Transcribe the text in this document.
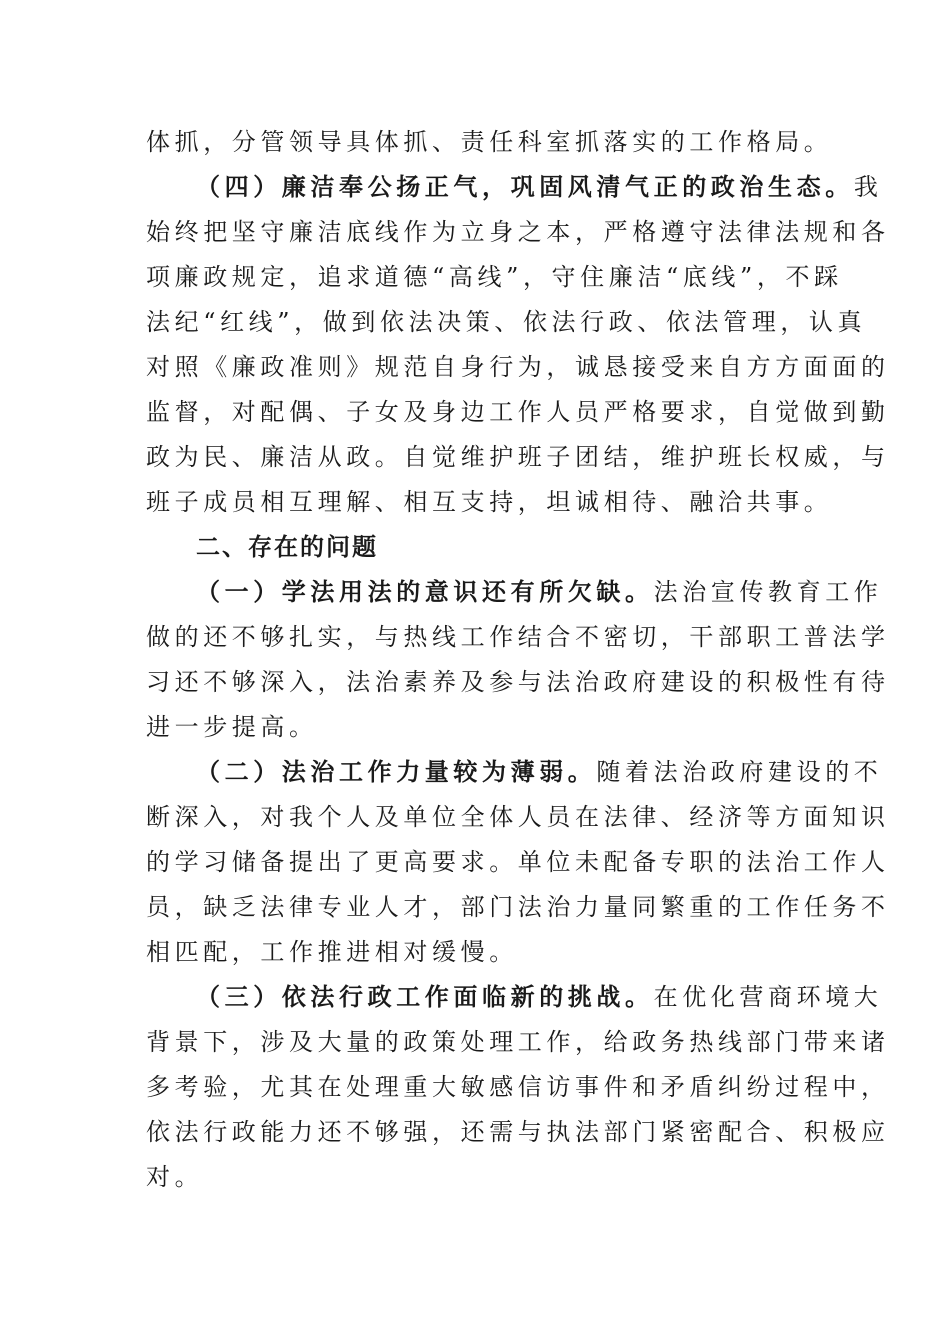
体抓，分管领导具体抓、责任科室抓落实的工作格局。
（四）廉洁奉公扬正气，巩固风清气正的政治生态。我
始终把坚守廉洁底线作为立身之本，严格遵守法律法规和各
项廉政规定，追求道德“高线”，守住廉洁“底线”，不踩
法纪“红线”，做到依法决策、依法行政、依法管理，认真
对照《廉政准则》规范自身行为，诚恳接受来自方方面面的
监督，对配偶、子女及身边工作人员严格要求，自觉做到勤
政为民、廉洁从政。自觉维护班子团结，维护班长权威，与
班子成员相互理解、相互支持，坦诚相待、融洽共事。
二、存在的问题
（一）学法用法的意识还有所欠缺。法治宣传教育工作
做的还不够扎实，与热线工作结合不密切，干部职工普法学
习还不够深入，法治素养及参与法治政府建设的积极性有待
进一步提高。
（二）法治工作力量较为薄弱。随着法治政府建设的不
断深入，对我个人及单位全体人员在法律、经济等方面知识
的学习储备提出了更高要求。单位未配备专职的法治工作人
员，缺乏法律专业人才，部门法治力量同繁重的工作任务不
相匹配，工作推进相对缓慢。
（三）依法行政工作面临新的挑战。在优化营商环境大
背景下，涉及大量的政策处理工作，给政务热线部门带来诸
多考验，尤其在处理重大敏感信访事件和矛盾纠纷过程中，
依法行政能力还不够强，还需与执法部门紧密配合、积极应
对。
